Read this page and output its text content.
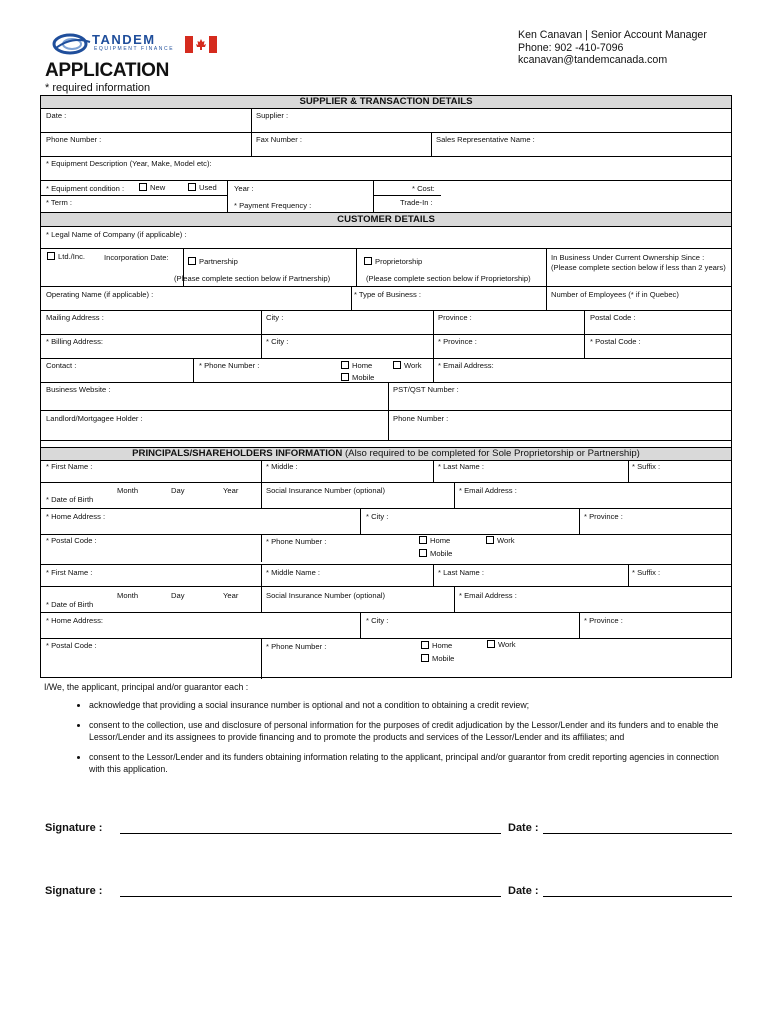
TANDEM
EQUIPMENT FINANCE
Ken Canavan | Senior Account Manager
Phone: 902 -410-7096
kcanavan@tandemcanada.com
APPLICATION
* required information
SUPPLIER & TRANSACTION DETAILS
Date :	Supplier :
Phone Number :	Fax Number :	Sales Representative Name :
* Equipment Description (Year, Make, Model etc):
* Equipment condition :	New	Used Year :	* Cost:
* Term :	* Payment Frequency :	Trade-In :
CUSTOMER DETAILS
* Legal Name of Company (if applicable) :
Ltd./Inc. Incorporation Date:	Partnership
(Please complete section below if Partnership)
Proprietorship
(Please complete section below if Proprietorship)
In Business Under Current Ownership Since :
(Please complete section below if less than 2 years)
Operating Name (if applicable) :	* Type of Business :	Number of Employees (* if in Quebec)
Mailing Address :	City :	Province :	Postal Code :
* Billing Address:	* City :	* Province :	* Postal Code :
Contact :	* Phone Number :	Home	Work
Mobile
* Email Address:
Business Website :	PST/QST Number :
Landlord/Mortgagee Holder :	Phone Number :
PRINCIPALS/SHAREHOLDERS INFORMATION (Also required to be completed for Sole Proprietorship or Partnership)
* First Name :	* Middle :	* Last Name :	* Suffix :
Month	Day	Year
* Date of Birth
Social Insurance Number (optional)	* Email Address :
* Home Address :	* City :	* Province :
* Postal Code :	* Phone Number :	Home	Work
Mobile
* First Name :	* Middle Name :	* Last Name :	* Suffix :
Month	Day	Year
* Date of Birth
Social Insurance Number (optional)	* Email Address :
* Home Address:	* City :	* Province :
* Postal Code :	* Phone Number :	Home	Work
Mobile
I/We, the applicant, principal and/or guarantor each :
• acknowledge that providing a social insurance number is optional and not a condition to obtaining a credit review;
• consent to the collection, use and disclosure of personal information for the purposes of credit adjudication by the Lessor/Lender and its funders and to enable the Lessor/Lender and its assignees to provide financing and to promote the products and services of the Lessor/Lender and its affiliates; and
• consent to the Lessor/Lender and its funders obtaining information relating to the applicant, principal and/or guarantor from credit reporting agencies in connection with this application.
Signature :	Date :
Signature :	Date :
